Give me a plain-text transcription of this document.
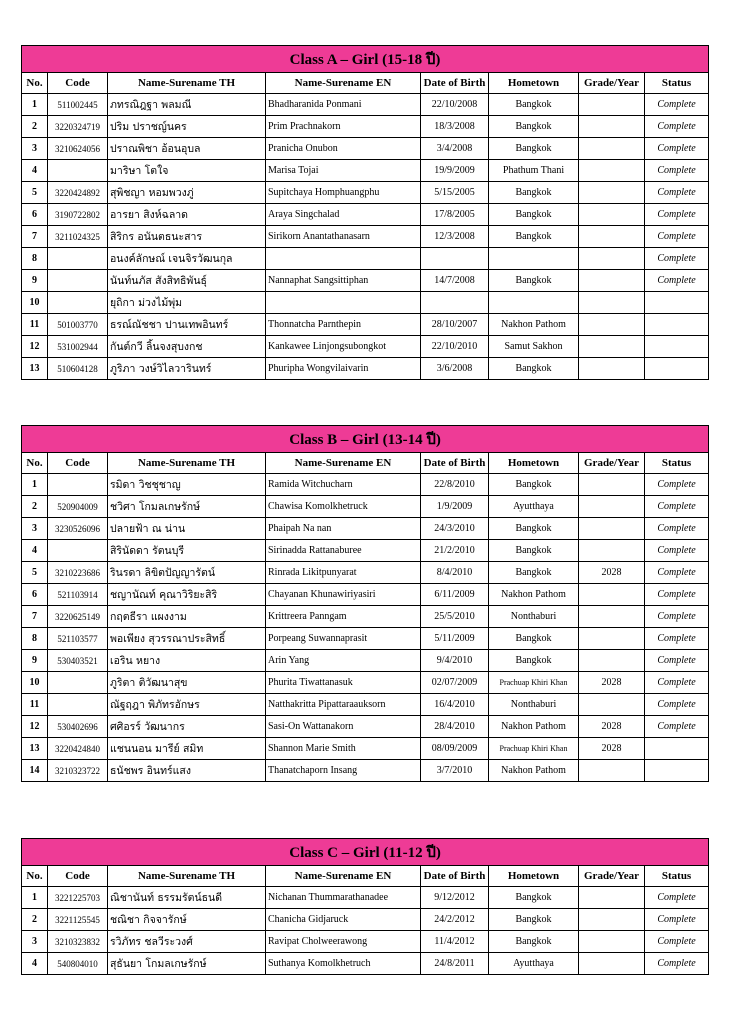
Class A – Girl (15-18 ปี)							
No.	Code	Name-Surename TH	Name-Surename EN	Date of Birth	Hometown	Grade/Year	Status
1	511002445	ภทรณิฎฐา พลมณี	Bhadharanida Ponmani	22/10/2008	Bangkok		Complete
2	3220324719	ปริม ปราชญ์นคร	Prim Prachnakorn	18/3/2008	Bangkok		Complete
3	3210624056	ปราณพิชา อ้อนอุบล	Pranicha Onubon	3/4/2008	Bangkok		Complete
4		มาริษา โตใจ	Marisa Tojai	19/9/2009	Phathum Thani		Complete
5	3220424892	สุพิชญา หอมพวงภู่	Supitchaya Homphuangphu	5/15/2005	Bangkok		Complete
6	3190722802	อารยา สิงห์ฉลาด	Araya Singchalad	17/8/2005	Bangkok		Complete
7	3211024325	สิริกร อนันตธนะสาร	Sirikorn Anantathanasarn	12/3/2008	Bangkok		Complete
8		อนงค์ลักษณ์ เจนจิรวัฒนกุล					Complete
9		นันท์นภัส สังสิทธิพันธุ์	Nannaphat Sangsittiphan	14/7/2008	Bangkok		Complete
10		ยุถิกา ม่วงไม้พุ่ม					
11	501003770	ธรณ์ณัชชา ปานเทพอินทร์	Thonnatcha Parnthepin	28/10/2007	Nakhon Pathom		
12	531002944	กันต์กวี ลิ้นจงสุบงกช	Kankawee Linjongsubongkot	22/10/2010	Samut Sakhon		
13	510604128	ภูริภา วงษ์วิไลวารินทร์	Phuripha Wongvilaivarin	3/6/2008	Bangkok		
Class B – Girl (13-14 ปี)							
No.	Code	Name-Surename TH	Name-Surename EN	Date of Birth	Hometown	Grade/Year	Status
1		รมิดา วิชชุชาญ	Ramida Witchucharn	22/8/2010	Bangkok		Complete
2	520904009	ชวิศา โกมลเกษรักษ์	Chawisa Komolkhetruck	1/9/2009	Ayutthaya		Complete
3	3230526096	ปลายฟ้า ณ น่าน	Phaipah Na nan	24/3/2010	Bangkok		Complete
4		สิรินัดดา รัตนบุรี	Sirinadda Rattanaburee	21/2/2010	Bangkok		Complete
5	3210223686	รินรดา ลิขิตปัญญารัตน์	Rinrada Likitpunyarat	8/4/2010	Bangkok	2028	Complete
6	521103914	ชญานัณท์ คุณาวิริยะสิริ	Chayanan Khunawiriyasiri	6/11/2009	Nakhon Pathom		Complete
7	3220625149	กฤตธีรา แผงงาม	Krittreera Panngam	25/5/2010	Nonthaburi		Complete
8	521103577	พอเพียง สุวรรณาประสิทธิ์	Porpeang Suwannaprasit	5/11/2009	Bangkok		Complete
9	530403521	เอริน หยาง	Arin Yang	9/4/2010	Bangkok		Complete
10		ภูริตา ติวัฒนาสุข	Phurita Tiwattanasuk	02/07/2009	Prachuap Khiri Khan	2028	Complete
11		ณัฐฤฎา พิภัทรอักษร	Natthakritta Pipattaraauksorn	16/4/2010	Nonthaburi		Complete
12	530402696	ศศิอรร์ วัฒนากร	Sasi-On Wattanakorn	28/4/2010	Nakhon Pathom	2028	Complete
13	3220424840	แชนนอน มารีย์ สมิท	Shannon Marie Smith	08/09/2009	Prachuap Khiri Khan	2028	
14	3210323722	ธนัชพร อินทร์แสง	Thanatchaporn Insang	3/7/2010	Nakhon Pathom		
Class C – Girl (11-12 ปี)							
No.	Code	Name-Surename TH	Name-Surename EN	Date of Birth	Hometown	Grade/Year	Status
1	3221225703	ณิชานันท์ ธรรมรัตน์ธนดี	Nichanan Thummarathanadee	9/12/2012	Bangkok		Complete
2	3221125545	ชณิชา กิจจารักษ์	Chanicha Gidjaruck	24/2/2012	Bangkok		Complete
3	3210323832	รวิภัทร ชลวีระวงศ์	Ravipat Cholweerawong	11/4/2012	Bangkok		Complete
4	540804010	สุธันยา โกมลเกษรักษ์	Suthanya Komolkhetruch	24/8/2011	Ayutthaya		Complete
